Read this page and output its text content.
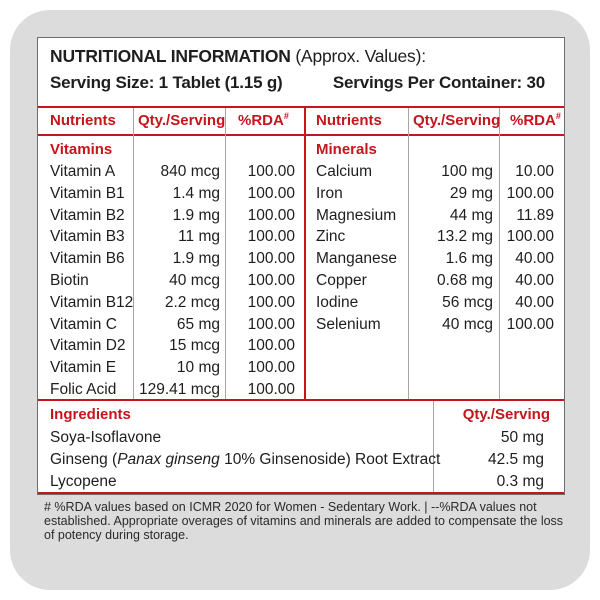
NUTRITIONAL INFORMATION (Approx. Values):
Serving Size: 1 Tablet (1.15 g)	Servings Per Container: 30
Nutrients Qty./Serving %RDA# Nutrients Qty./Serving %RDA#
Vitamins	Minerals
Ingredients	Qty./Serving
Soya-Isoflavone	50 mg
Ginseng (Panax ginseng 10% Ginsenoside) Root Extract	42.5 mg
Lycopene	0.3 mg
Vitamin A	840 mcg	100.00
Vitamin B1	1.4 mg	100.00
Vitamin B2	1.9 mg	100.00
Vitamin B3	11 mg	100.00
Vitamin B6	1.9 mg	100.00
Biotin	40 mcg	100.00
Vitamin B12	2.2 mcg	100.00
Vitamin C	65 mg	100.00
Vitamin D2	15 mcg	100.00
Vitamin E	10 mg	100.00
Folic Acid 129.41 mcg	100.00
Calcium	100 mg	10.00
Iron	29 mg 100.00
Magnesium	44 mg	11.89
Zinc	13.2 mg 100.00
Manganese	1.6 mg	40.00
Copper	0.68 mg	40.00
Iodine	56 mcg	40.00
Selenium	40 mcg 100.00
# %RDA values based on ICMR 2020 for Women - Sedentary Work. | --%RDA values not established. Appropriate overages of vitamins and minerals are added to compensate the loss of potency during storage.
